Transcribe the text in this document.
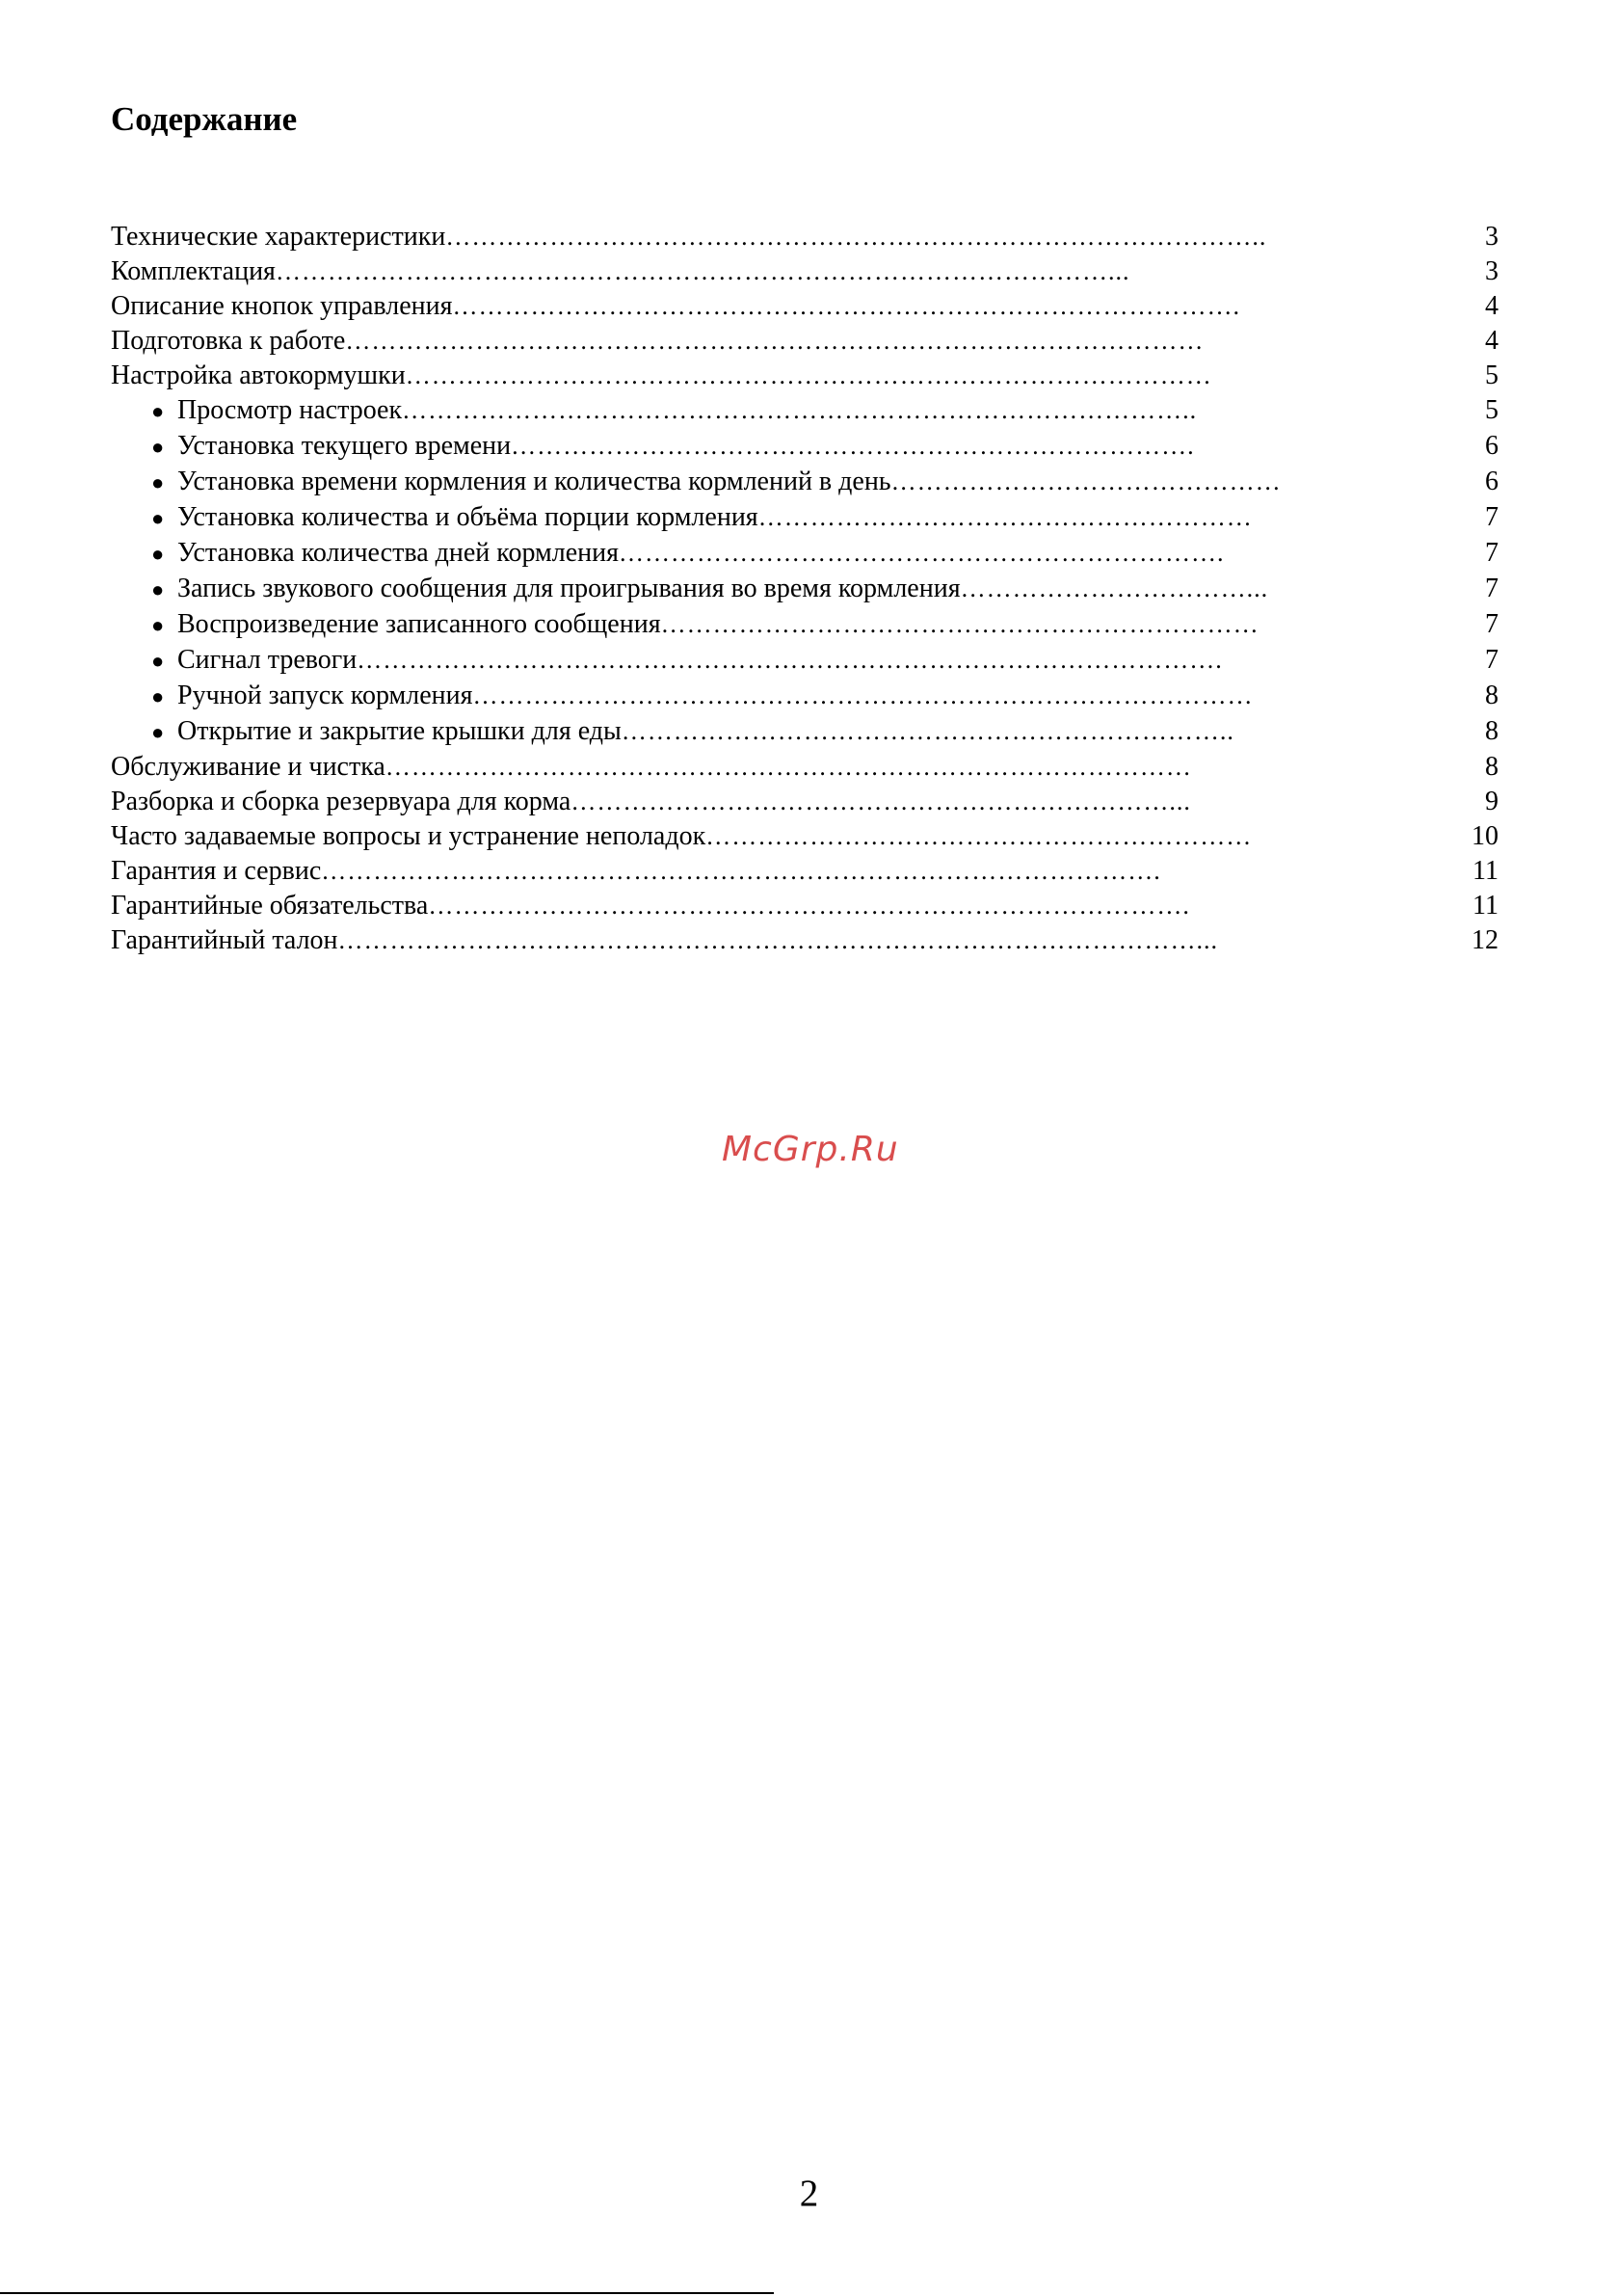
Содержание
Технические характеристики …………………………………………………………………………………..	3
Комплектация ……………………………………………………………………………………...	3
Описание кнопок управления ……………………………………………………………………………….	4
Подготовка к работе ………………………………………………………………………………………	4
Настройка автокормушки …………………………………………………………………………………	5
● Просмотр настроек ………………………………………………………………………………..	5
● Установка текущего времени …………………………………………………………………….	6
● Установка времени кормления и количества кормлений в день ………………………………………	6
● Установка количества и объёма порции кормления …………………………………………………	7
● Установка количества дней кормления …………………………………………………………….	7
● Запись звукового сообщения для проигрывания во время кормления ……………………………...	7
● Воспроизведение записанного сообщения ……………………………………………………………	7
● Сигнал тревоги ……………………………………………………………………………………….	7
● Ручной запуск кормления ………………………………………………………………………………	8
● Открытие и закрытие крышки для еды ……………………………………………………………..	8
Обслуживание и чистка …………………………………………………………………………………	8
Разборка и сборка резервуара для корма ……………………………………………………………...	9
Часто задаваемые вопросы и устранение неполадок ………………………………………………………	10
Гарантия и сервис …………………………………………………………………………………….	11
Гарантийные обязательства …………………………………………………………………………….	11
Гарантийный талон ………………………………………………………………………………………...	12
McGrp.Ru
2
